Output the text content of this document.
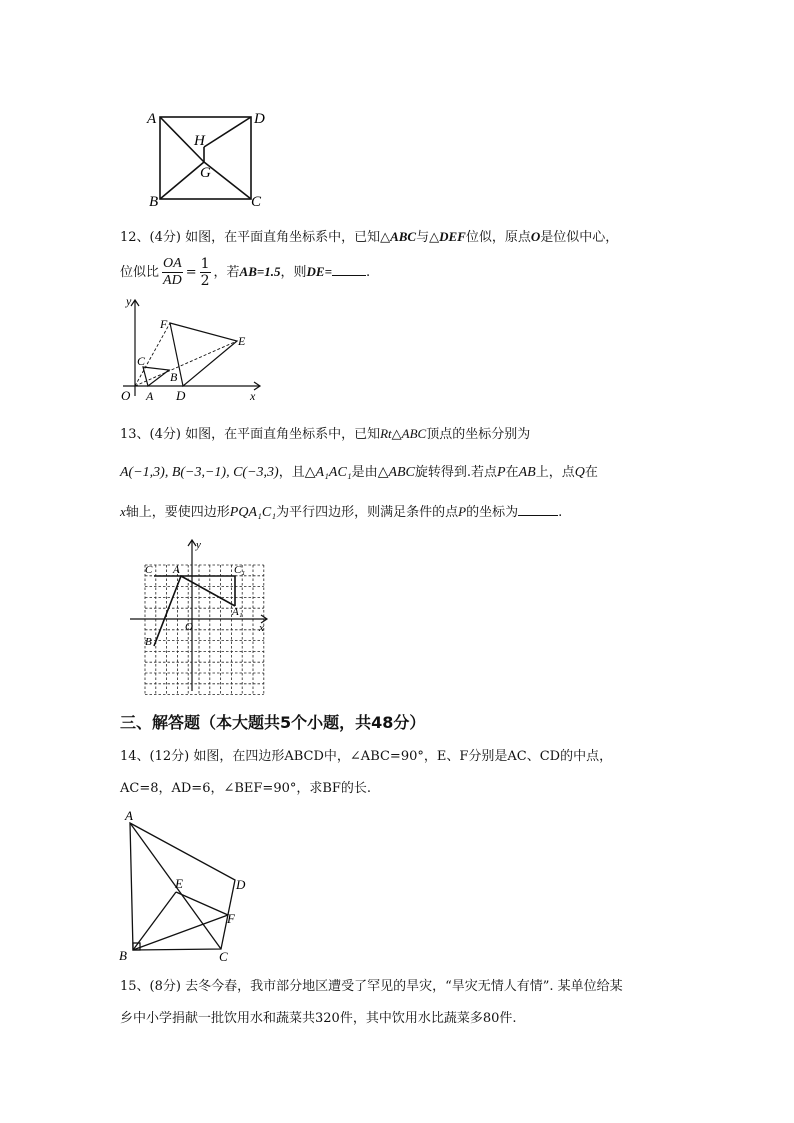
A	D
H
G
B	C
12、(4分) 如图，在平面直角坐标系中，已知△ABC与△DEF位似，原点O是位似中心，
位似比 $\frac{OA}{AD} = \frac{1}{2}$ ，若AB=1.5，则DE=	.
y
x
O A
B
C
D
E
F
13、(4分) 如图，在平面直角坐标系中，已知Rt△ABC顶点的坐标分别为
A(−1,3), B(−3,−1), C(−3,3)，且△A₁AC₁是由△ABC旋转得到.若点P在AB上，点Q在
x轴上，要使四边形PQA₁C₁为平行四边形，则满足条件的点P的坐标为	.
y
x
O
C A	C₁
A₁
B
三、解答题（本大题共5个小题，共48分）
14、(12分) 如图，在四边形ABCD中，∠ABC=90°，E、F分别是AC、CD的中点，
AC=8，AD=6，∠BEF=90°，求BF的长.
A
B	C
D
E
F
15、(8分) 去冬今春，我市部分地区遭受了罕见的旱灾，“旱灾无情人有情”. 某单位给某
乡中小学捐献一批饮用水和蔬菜共320件，其中饮用水比蔬菜多80件.
